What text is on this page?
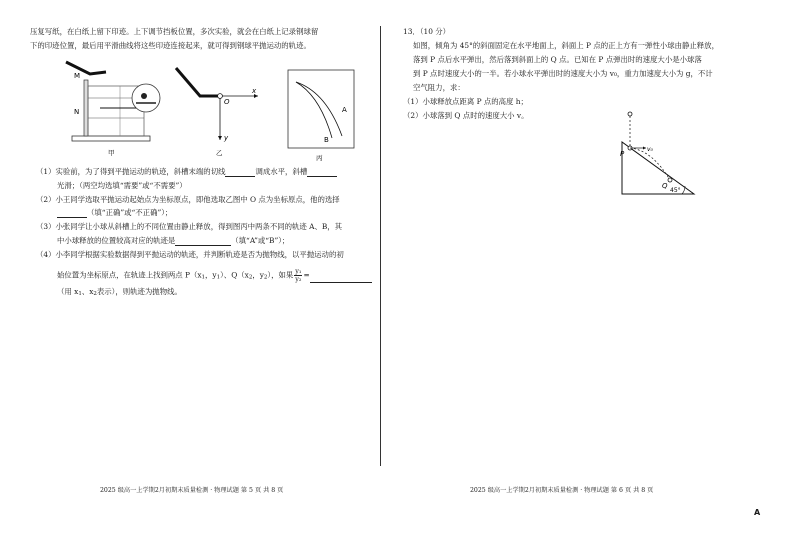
压复写纸，在白纸上留下印迹。上下调节挡板位置，多次实验，就会在白纸上记录钢球留
下的印迹位置，最后用平滑曲线将这些印迹连接起来，就可得到钢球平抛运动的轨迹。
M
N
甲
O
x
y
乙
A
B
丙
（1）实验前，为了得到平抛运动的轨迹，斜槽末端的切线	调成水平，斜槽
光滑；（两空均选填“需要”或“不需要”）
（2）小王同学选取平抛运动起始点为坐标原点，即他选取乙图中 O 点为坐标原点，他的选择
（填“正确”或“不正确”）；
（3）小张同学让小球从斜槽上的不同位置由静止释放，得到图丙中两条不同的轨迹 A、B，其
中小球释放的位置较高对应的轨迹是	（填“A”或“B”）；
（4）小李同学根据实验数据得到平抛运动的轨迹，并判断轨迹是否为抛物线，以平抛运动的初
始位置为坐标原点，在轨迹上找到两点 P（x1，y1）、Q（x2，y2），如果 $\frac{\text{y₁}}{\text{y₂}}$ =
（用 x1、x2表示），则轨迹为抛物线。
2025 级高一上学期2月初期末质量检测 · 物理试题 第 5 页 共 8 页
13．（10 分）
如图，倾角为 45°的斜面固定在水平地面上，斜面上 P 点的正上方有一弹性小球由静止释放，
落到 P 点后水平弹出，然后落到斜面上的 Q 点。已知在 P 点弹出时的速度大小是小球落
到 P 点时速度大小的一半。若小球水平弹出时的速度大小为 v₀，重力加速度大小为 g，不计
空气阻力，求：
（1）小球释放点距离 P 点的高度 h；
（2）小球落到 Q 点时的速度大小 v。
P
v₀
Q
45°
2025 级高一上学期2月初期末质量检测 · 物理试题 第 6 页 共 8 页
A
